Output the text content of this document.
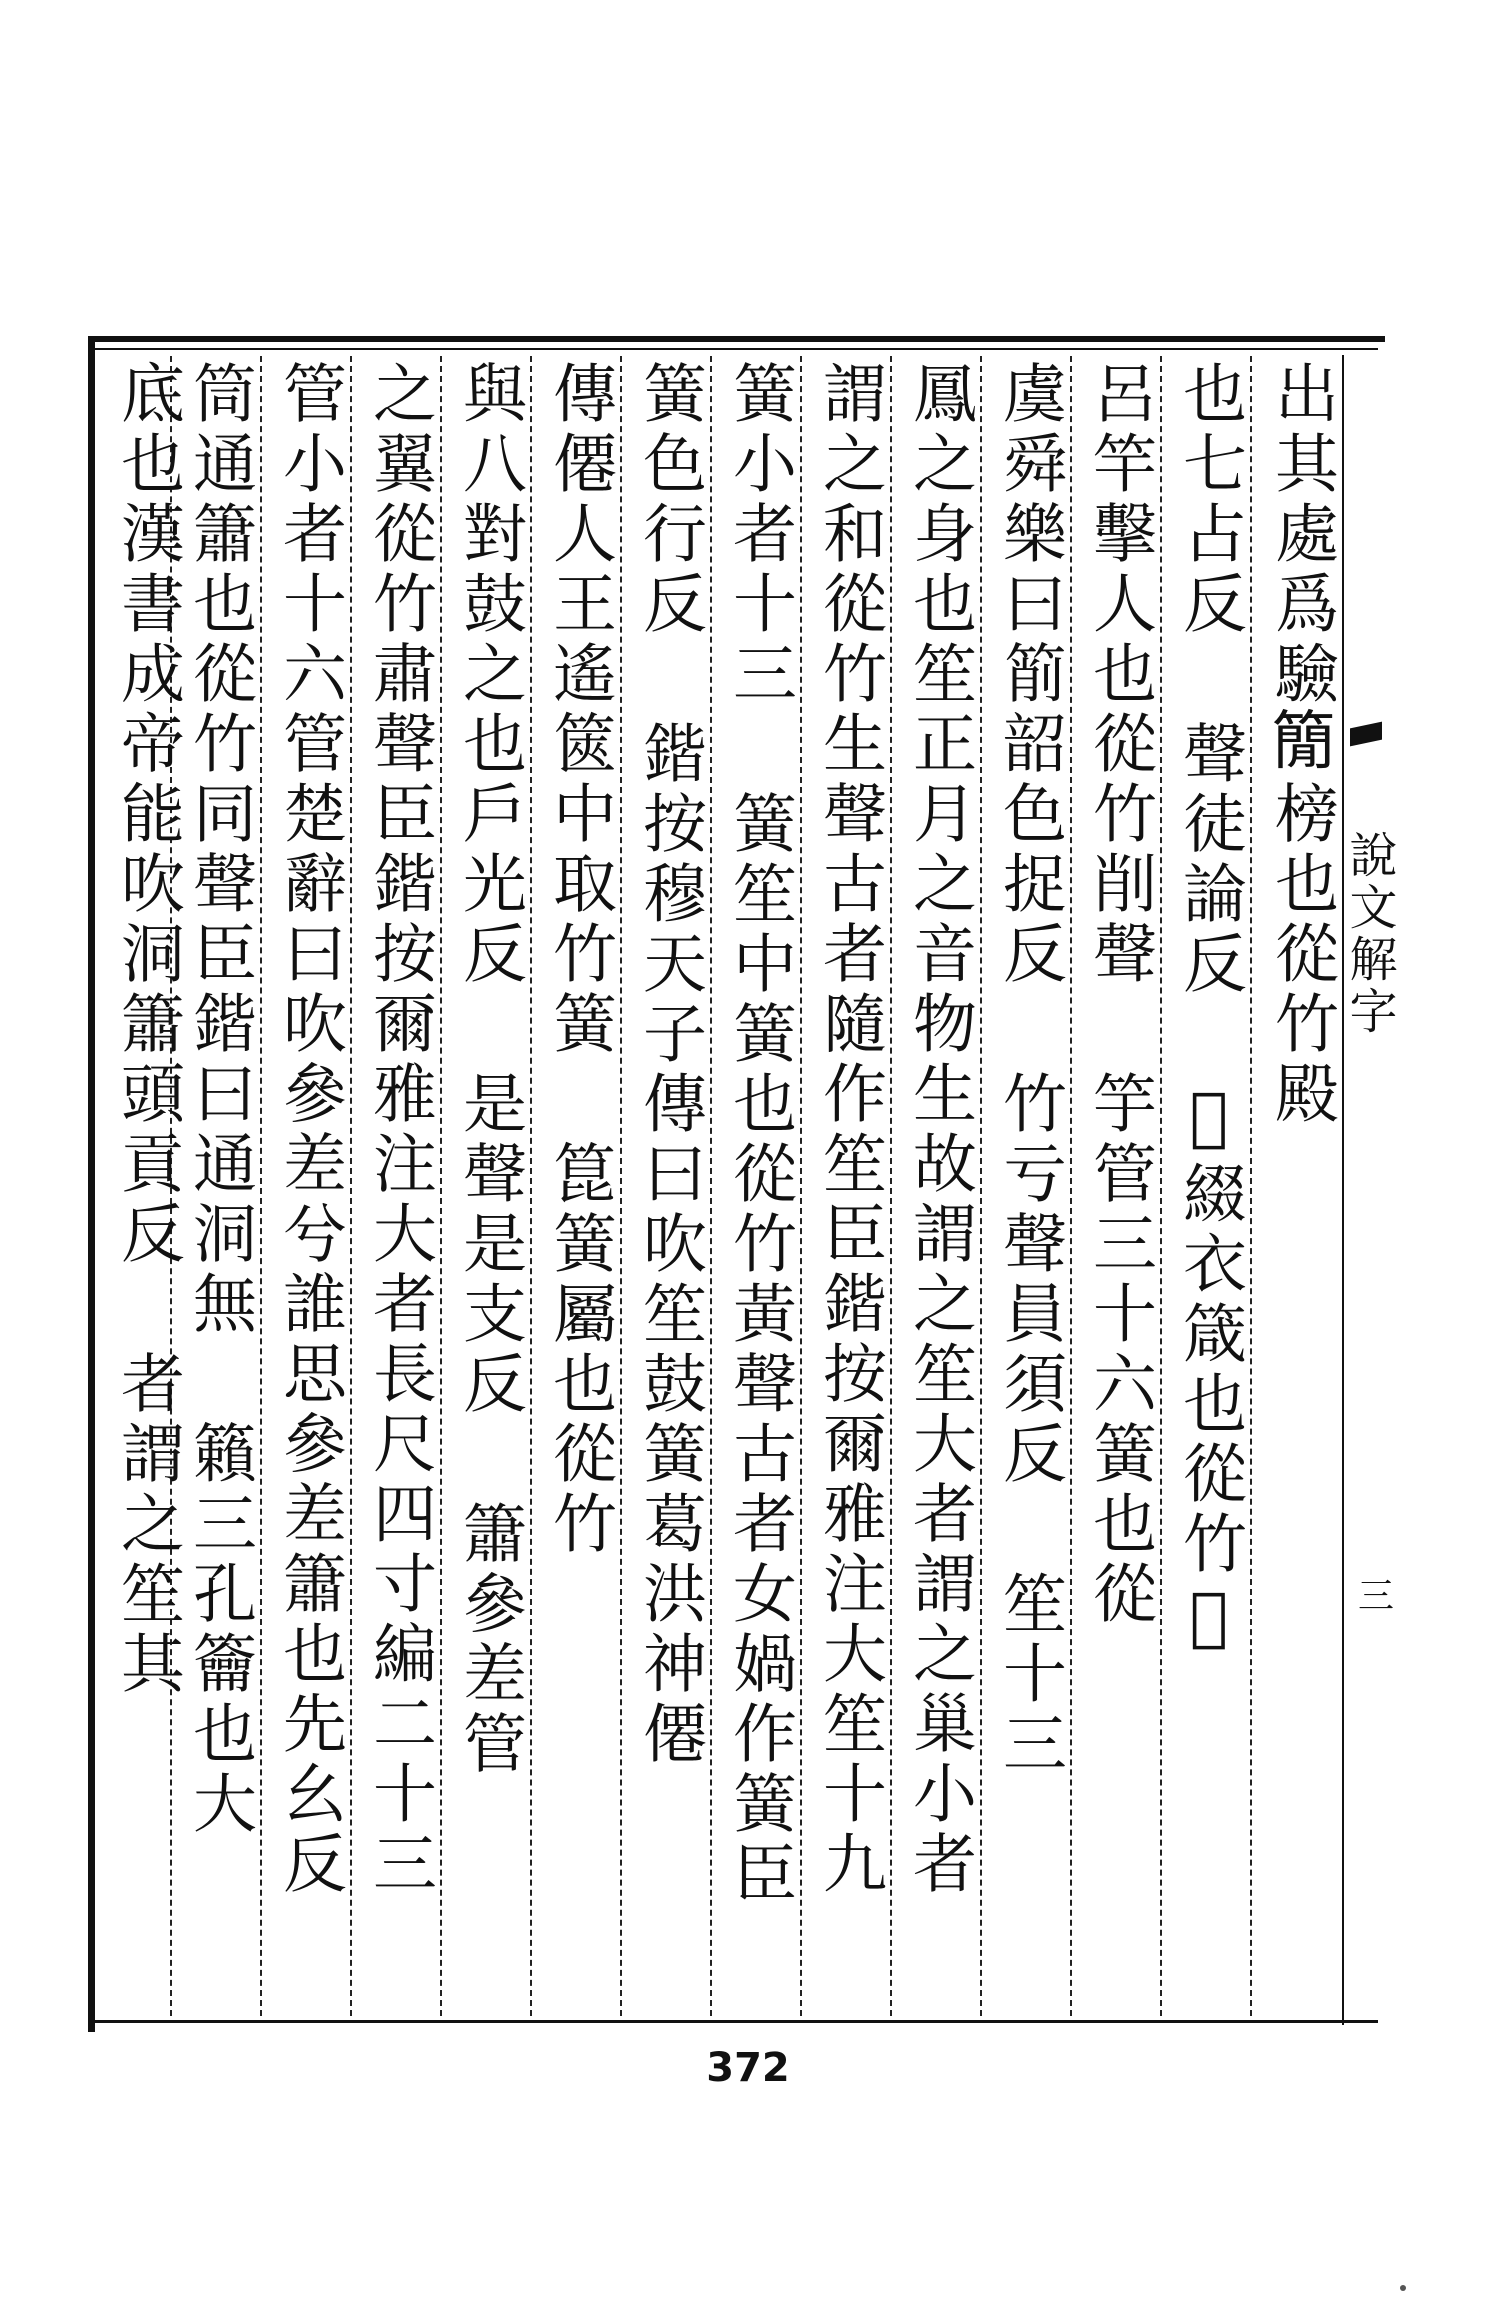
說文解字
三
出其處爲驗𥳑榜也從竹殿
也七占反 聲徒論反 𥲅綴衣箴也從竹𥳺
呂竿擊人也從竹削聲 竽管三十六簧也從
虞舜樂曰箾韶色捉反 竹亏聲員須反 笙十三
鳳之身也笙正月之音物生故謂之笙大者謂之巢小者
謂之和從竹生聲古者隨作笙臣鍇按爾雅注大笙十九
簧小者十三 簧笙中簧也從竹黃聲古者女媧作簧臣
簧色行反 鍇按穆天子傳曰吹笙鼓簧葛洪神僊
傳僊人王遙篋中取竹簧 箟簧屬也從竹
與八對鼓之也戶光反 是聲是支反 簫參差管
之翼從竹肅聲臣鍇按爾雅注大者長尺四寸編二十三
管小者十六管楚辭曰吹參差兮誰思參差簫也先幺反
筒通簫也從竹同聲臣鍇曰通洞無 籟三孔籥也大
底也漢書成帝能吹洞簫頭貢反 者謂之笙其
372
